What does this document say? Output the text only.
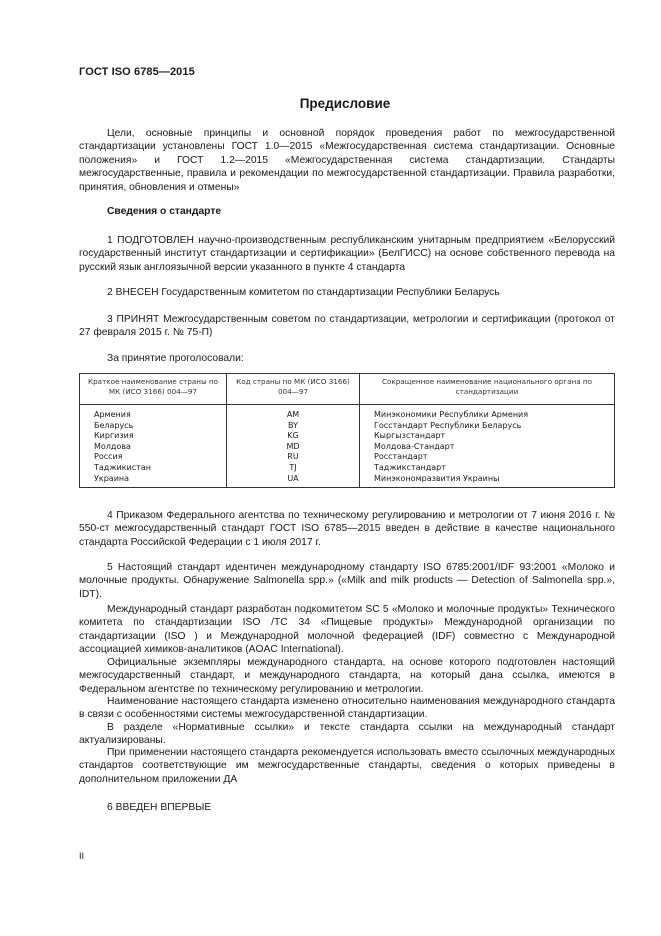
ГОСТ ISO 6785—2015
Предисловие

Цели, основные принципы и основной порядок проведения работ по межгосударственной стандартизации установлены ГОСТ 1.0—2015 «Межгосударственная система стандартизации. Основные положения» и ГОСТ 1.2—2015 «Межгосударственная система стандартизации. Стандарты межгосударственные, правила и рекомендации по межгосударственной стандартизации. Правила разработки, принятия, обновления и отмены»

Сведения о стандарте

1 ПОДГОТОВЛЕН научно-производственным республиканским унитарным предприятием «Белорусский государственный институт стандартизации и сертификации» (БелГИСС) на основе собственного перевода на русский язык англоязычной версии указанного в пункте 4 стандарта

2 ВНЕСЕН Государственным комитетом по стандартизации Республики Беларусь

3 ПРИНЯТ Межгосударственным советом по стандартизации, метрологии и сертификации (протокол от 27 февраля 2015 г. № 75-П)

За принятие проголосовали:
Краткое наименование страны по МК (ИСО 3166) 004—97	Код страны по МК (ИСО 3166) 004—97	Сокращенное наименование национального органа по стандартизации
Армения	AM	Минэкономики Республики Армения
Беларусь	BY	Госстандарт Республики Беларусь
Киргизия	KG	Кыргызстандарт
Молдова	MD	Молдова-Стандарт
Россия	RU	Росстандарт
Таджикистан	TJ	Таджикстандарт
Украина	UA	Минэкономразвития Украины

4 Приказом Федерального агентства по техническому регулированию и метрологии от 7 июня 2016 г. № 550-ст межгосударственный стандарт ГОСТ ISO 6785—2015 введен в действие в качестве национального стандарта Российской Федерации с 1 июля 2017 г.

5 Настоящий стандарт идентичен международному стандарту ISO 6785:2001/IDF 93:2001 «Молоко и молочные продукты. Обнаружение Salmonella spp.» («Milk and milk products — Detection of Salmonella spp.», IDT).

Международный стандарт разработан подкомитетом SC 5 «Молоко и молочные продукты» Технического комитета по стандартизации ISO /TC 34 «Пищевые продукты» Международной организации по стандартизации (ISO ) и Международной молочной федерацией (IDF) совместно с Международной ассоциацией химиков-аналитиков (AOAC International).

Официальные экземпляры международного стандарта, на основе которого подготовлен настоящий межгосударственный стандарт, и международного стандарта, на который дана ссылка, имеются в Федеральном агентстве по техническому регулированию и метрологии.

Наименование настоящего стандарта изменено относительно наименования международного стандарта в связи с особенностями системы межгосударственной стандартизации.

В разделе «Нормативные ссылки» и тексте стандарта ссылки на международный стандарт актуализированы.

При применении настоящего стандарта рекомендуется использовать вместо ссылочных международных стандартов соответствующие им межгосударственные стандарты, сведения о которых приведены в дополнительном приложении ДА

6 ВВЕДЕН ВПЕРВЫЕ

II
